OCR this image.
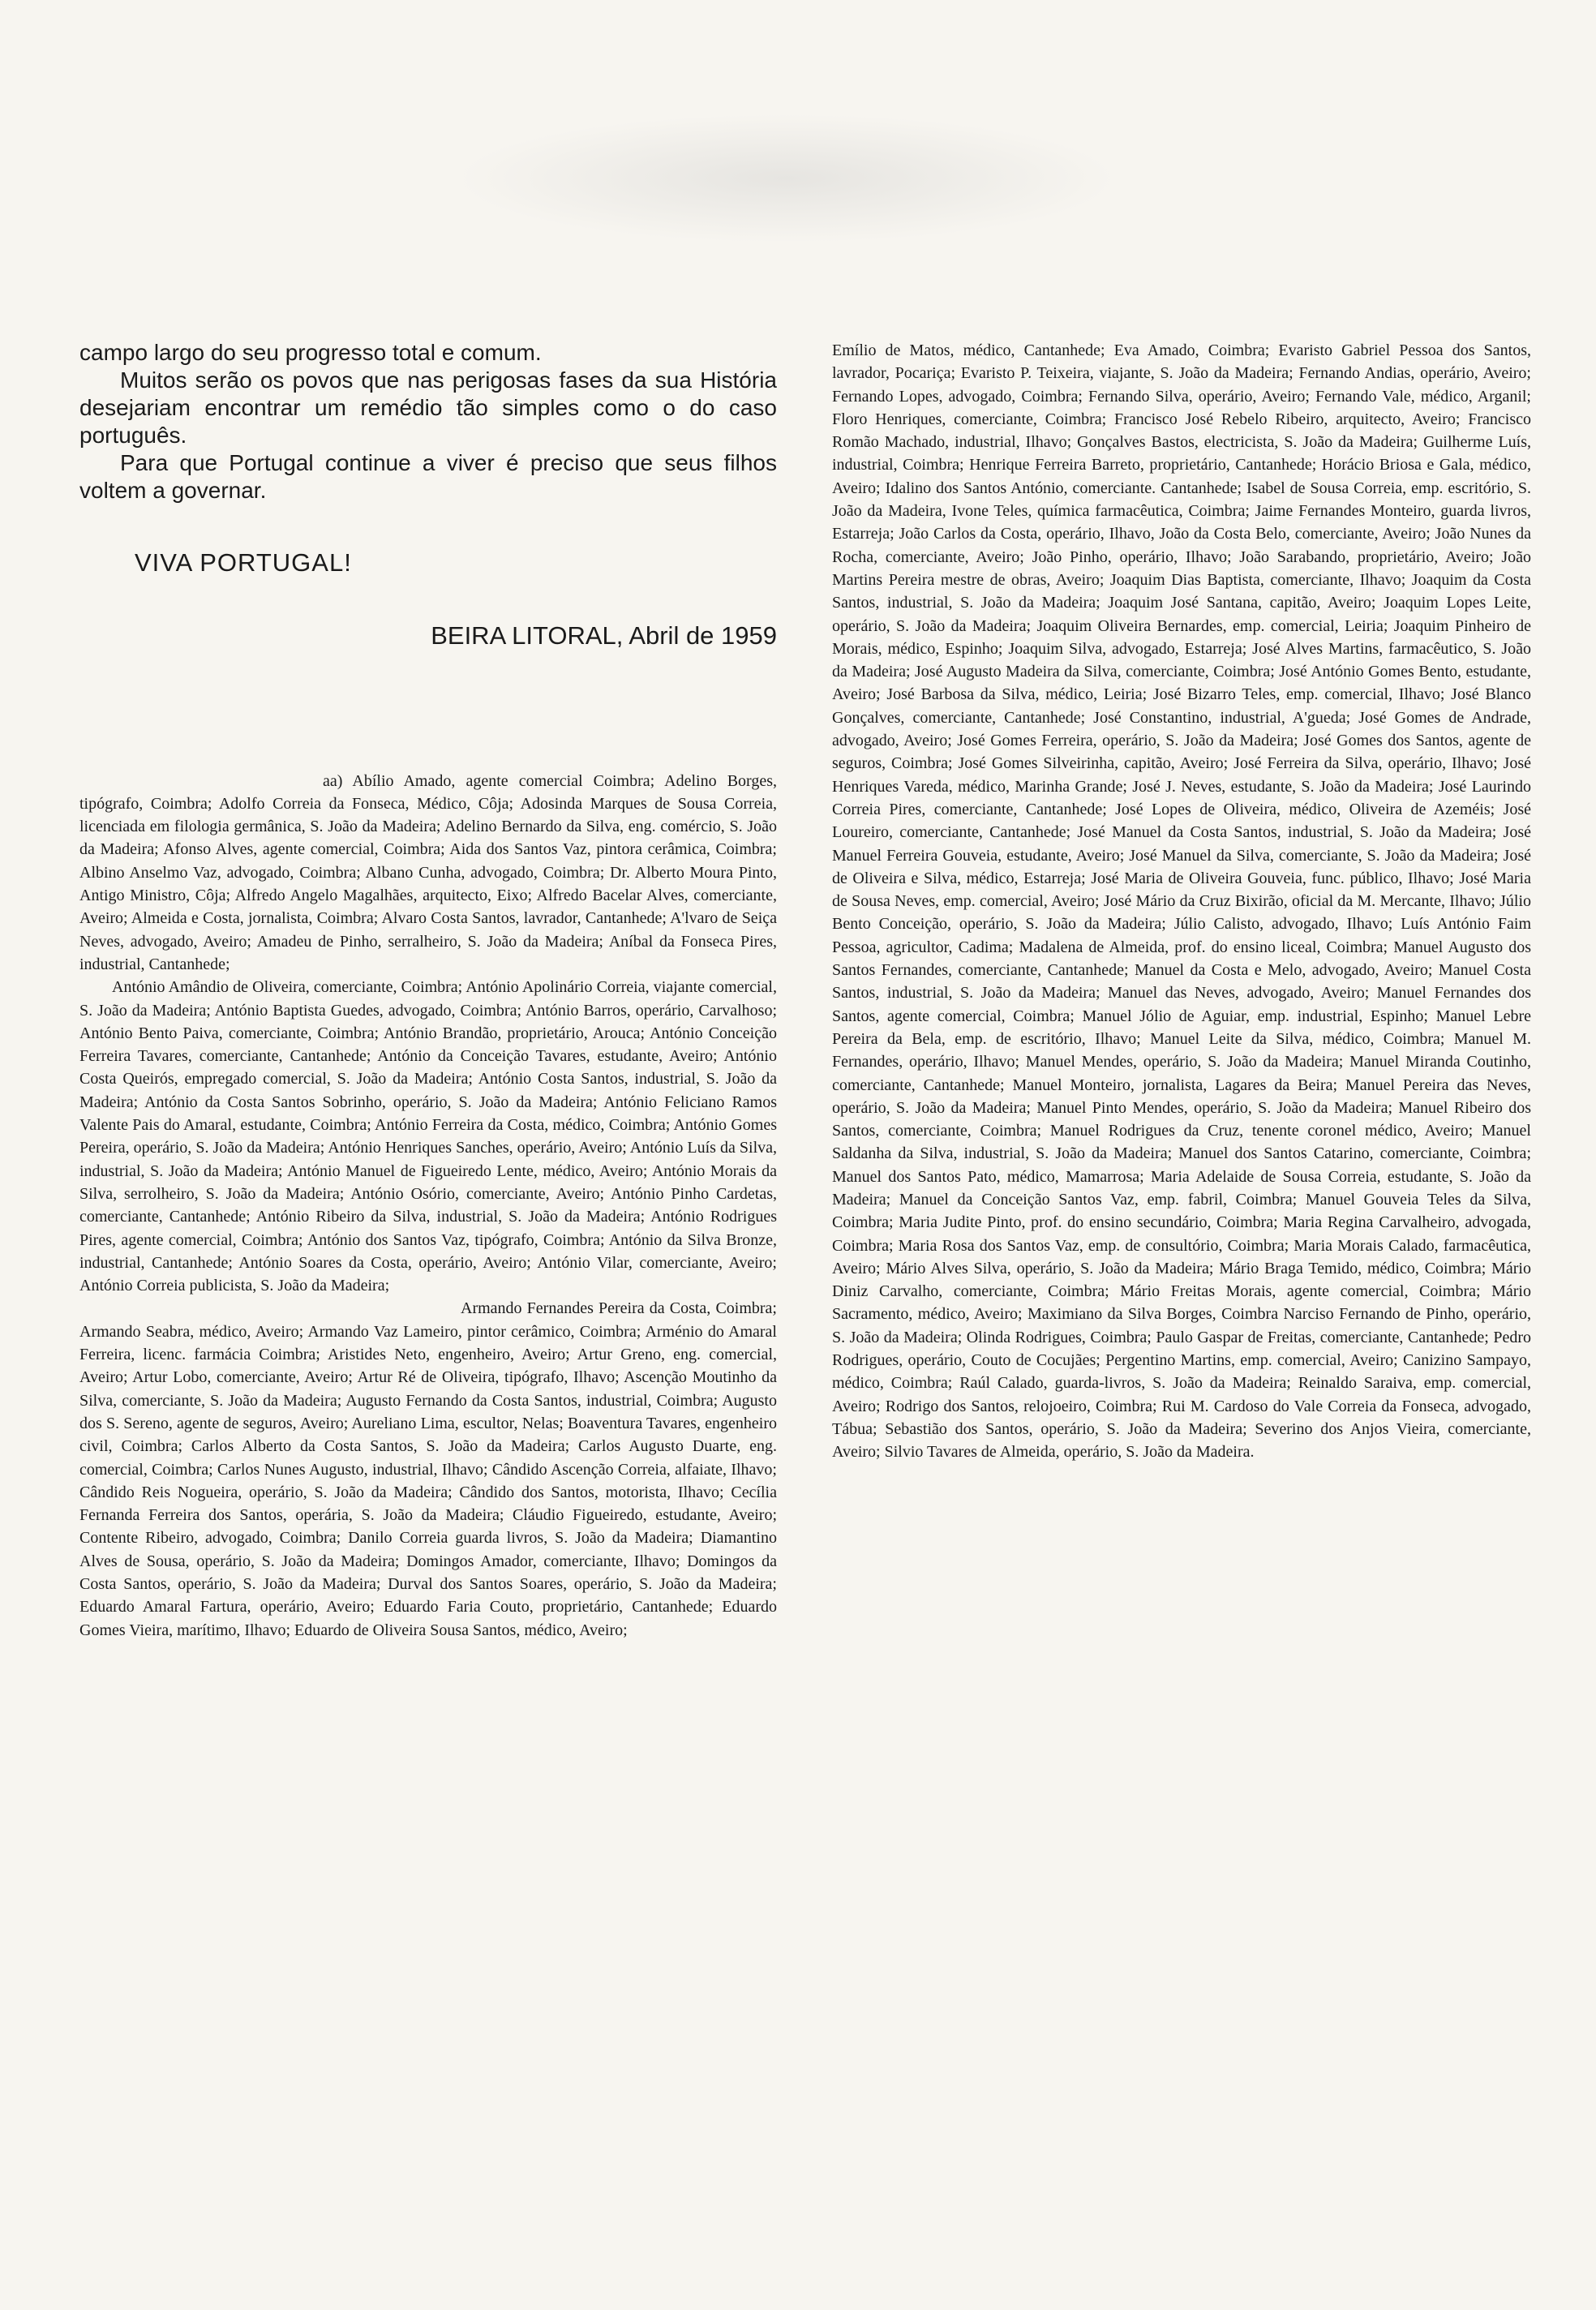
campo largo do seu progresso total e comum.

Muitos serão os povos que nas perigosas fases da sua História desejariam encontrar um remédio tão simples como o do caso português.

Para que Portugal continue a viver é preciso que seus filhos voltem a governar.

VIVA PORTUGAL!
BEIRA LITORAL, Abril de 1959

aa) Abílio Amado, agente comercial Coimbra; Adelino Borges, tipógrafo, Coimbra; Adolfo Correia da Fonseca, Médico, Côja; Adosinda Marques de Sousa Correia, licenciada em filologia germânica, S. João da Madeira; Adelino Bernardo da Silva, eng. comércio, S. João da Madeira; Afonso Alves, agente comercial, Coimbra; Aida dos Santos Vaz, pintora cerâmica, Coimbra; Albino Anselmo Vaz, advogado, Coimbra; Albano Cunha, advogado, Coimbra; Dr. Alberto Moura Pinto, Antigo Ministro, Côja; Alfredo Angelo Magalhães, arquitecto, Eixo; Alfredo Bacelar Alves, comerciante, Aveiro; Almeida e Costa, jornalista, Coimbra; Alvaro Costa Santos, lavrador, Cantanhede; A'lvaro de Seiça Neves, advogado, Aveiro; Amadeu de Pinho, serralheiro, S. João da Madeira; Aníbal da Fonseca Pires, industrial, Cantanhede;

António Amândio de Oliveira, comerciante, Coimbra; António Apolinário Correia, viajante comercial, S. João da Madeira; António Baptista Guedes, advogado, Coimbra; António Barros, operário, Carvalhoso; António Bento Paiva, comerciante, Coimbra; António Brandão, proprietário, Arouca; António Conceição Ferreira Tavares, comerciante, Cantanhede; António da Conceição Tavares, estudante, Aveiro; António Costa Queirós, empregado comercial, S. João da Madeira; António Costa Santos, industrial, S. João da Madeira; António da Costa Santos Sobrinho, operário, S. João da Madeira; António Feliciano Ramos Valente Pais do Amaral, estudante, Coimbra; António Ferreira da Costa, médico, Coimbra; António Gomes Pereira, operário, S. João da Madeira; António Henriques Sanches, operário, Aveiro; António Luís da Silva, industrial, S. João da Madeira; António Manuel de Figueiredo Lente, médico, Aveiro; António Morais da Silva, serrolheiro, S. João da Madeira; António Osório, comerciante, Aveiro; António Pinho Cardetas, comerciante, Cantanhede; António Ribeiro da Silva, industrial, S. João da Madeira; António Rodrigues Pires, agente comercial, Coimbra; António dos Santos Vaz, tipógrafo, Coimbra; António da Silva Bronze, industrial, Cantanhede; António Soares da Costa, operário, Aveiro; António Vilar, comerciante, Aveiro; António Correia publicista, S. João da Madeira;

Armando Fernandes Pereira da Costa, Coimbra; Armando Seabra, médico, Aveiro; Armando Vaz Lameiro, pintor cerâmico, Coimbra; Arménio do Amaral Ferreira, licenc. farmácia Coimbra; Aristides Neto, engenheiro, Aveiro; Artur Greno, eng. comercial, Aveiro; Artur Lobo, comerciante, Aveiro; Artur Ré de Oliveira, tipógrafo, Ilhavo; Ascenção Moutinho da Silva, comerciante, S. João da Madeira; Augusto Fernando da Costa Santos, industrial, Coimbra; Augusto dos S. Sereno, agente de seguros, Aveiro; Aureliano Lima, escultor, Nelas; Boaventura Tavares, engenheiro civil, Coimbra; Carlos Alberto da Costa Santos, S. João da Madeira; Carlos Augusto Duarte, eng. comercial, Coimbra; Carlos Nunes Augusto, industrial, Ilhavo; Cândido Ascenção Correia, alfaiate, Ilhavo; Cândido Reis Nogueira, operário, S. João da Madeira; Cândido dos Santos, motorista, Ilhavo; Cecília Fernanda Ferreira dos Santos, operária, S. João da Madeira; Cláudio Figueiredo, estudante, Aveiro; Contente Ribeiro, advogado, Coimbra; Danilo Correia guarda livros, S. João da Madeira; Diamantino Alves de Sousa, operário, S. João da Madeira; Domingos Amador, comerciante, Ilhavo; Domingos da Costa Santos, operário, S. João da Madeira; Durval dos Santos Soares, operário, S. João da Madeira; Eduardo Amaral Fartura, operário, Aveiro; Eduardo Faria Couto, proprietário, Cantanhede; Eduardo Gomes Vieira, marítimo, Ilhavo; Eduardo de Oliveira Sousa Santos, médico, Aveiro;

Emílio de Matos, médico, Cantanhede; Eva Amado, Coimbra; Evaristo Gabriel Pessoa dos Santos, lavrador, Pocariça; Evaristo P. Teixeira, viajante, S. João da Madeira; Fernando Andias, operário, Aveiro; Fernando Lopes, advogado, Coimbra; Fernando Silva, operário, Aveiro; Fernando Vale, médico, Arganil; Floro Henriques, comerciante, Coimbra; Francisco José Rebelo Ribeiro, arquitecto, Aveiro; Francisco Romão Machado, industrial, Ilhavo; Gonçalves Bastos, electricista, S. João da Madeira; Guilherme Luís, industrial, Coimbra; Henrique Ferreira Barreto, proprietário, Cantanhede; Horácio Briosa e Gala, médico, Aveiro; Idalino dos Santos António, comerciante. Cantanhede; Isabel de Sousa Correia, emp. escritório, S. João da Madeira, Ivone Teles, química farmacêutica, Coimbra; Jaime Fernandes Monteiro, guarda livros, Estarreja; João Carlos da Costa, operário, Ilhavo, João da Costa Belo, comerciante, Aveiro; João Nunes da Rocha, comerciante, Aveiro; João Pinho, operário, Ilhavo; João Sarabando, proprietário, Aveiro; João Martins Pereira mestre de obras, Aveiro; Joaquim Dias Baptista, comerciante, Ilhavo; Joaquim da Costa Santos, industrial, S. João da Madeira; Joaquim José Santana, capitão, Aveiro; Joaquim Lopes Leite, operário, S. João da Madeira; Joaquim Oliveira Bernardes, emp. comercial, Leiria; Joaquim Pinheiro de Morais, médico, Espinho; Joaquim Silva, advogado, Estarreja; José Alves Martins, farmacêutico, S. João da Madeira; José Augusto Madeira da Silva, comerciante, Coimbra; José António Gomes Bento, estudante, Aveiro; José Barbosa da Silva, médico, Leiria; José Bizarro Teles, emp. comercial, Ilhavo; José Blanco Gonçalves, comerciante, Cantanhede; José Constantino, industrial, A'gueda; José Gomes de Andrade, advogado, Aveiro; José Gomes Ferreira, operário, S. João da Madeira; José Gomes dos Santos, agente de seguros, Coimbra; José Gomes Silveirinha, capitão, Aveiro; José Ferreira da Silva, operário, Ilhavo; José Henriques Vareda, médico, Marinha Grande; José J. Neves, estudante, S. João da Madeira; José Laurindo Correia Pires, comerciante, Cantanhede; José Lopes de Oliveira, médico, Oliveira de Azeméis; José Loureiro, comerciante, Cantanhede; José Manuel da Costa Santos, industrial, S. João da Madeira; José Manuel Ferreira Gouveia, estudante, Aveiro; José Manuel da Silva, comerciante, S. João da Madeira; José de Oliveira e Silva, médico, Estarreja; José Maria de Oliveira Gouveia, func. público, Ilhavo; José Maria de Sousa Neves, emp. comercial, Aveiro; José Mário da Cruz Bixirão, oficial da M. Mercante, Ilhavo; Júlio Bento Conceição, operário, S. João da Madeira; Júlio Calisto, advogado, Ilhavo; Luís António Faim Pessoa, agricultor, Cadima; Madalena de Almeida, prof. do ensino liceal, Coimbra; Manuel Augusto dos Santos Fernandes, comerciante, Cantanhede; Manuel da Costa e Melo, advogado, Aveiro; Manuel Costa Santos, industrial, S. João da Madeira; Manuel das Neves, advogado, Aveiro; Manuel Fernandes dos Santos, agente comercial, Coimbra; Manuel Jólio de Aguiar, emp. industrial, Espinho; Manuel Lebre Pereira da Bela, emp. de escritório, Ilhavo; Manuel Leite da Silva, médico, Coimbra; Manuel M. Fernandes, operário, Ilhavo; Manuel Mendes, operário, S. João da Madeira; Manuel Miranda Coutinho, comerciante, Cantanhede; Manuel Monteiro, jornalista, Lagares da Beira; Manuel Pereira das Neves, operário, S. João da Madeira; Manuel Pinto Mendes, operário, S. João da Madeira; Manuel Ribeiro dos Santos, comerciante, Coimbra; Manuel Rodrigues da Cruz, tenente coronel médico, Aveiro; Manuel Saldanha da Silva, industrial, S. João da Madeira; Manuel dos Santos Catarino, comerciante, Coimbra; Manuel dos Santos Pato, médico, Mamarrosa; Maria Adelaide de Sousa Correia, estudante, S. João da Madeira; Manuel da Conceição Santos Vaz, emp. fabril, Coimbra; Manuel Gouveia Teles da Silva, Coimbra; Maria Judite Pinto, prof. do ensino secundário, Coimbra; Maria Regina Carvalheiro, advogada, Coimbra; Maria Rosa dos Santos Vaz, emp. de consultório, Coimbra; Maria Morais Calado, farmacêutica, Aveiro; Mário Alves Silva, operário, S. João da Madeira; Mário Braga Temido, médico, Coimbra; Mário Diniz Carvalho, comerciante, Coimbra; Mário Freitas Morais, agente comercial, Coimbra; Mário Sacramento, médico, Aveiro; Maximiano da Silva Borges, Coimbra Narciso Fernando de Pinho, operário, S. João da Madeira; Olinda Rodrigues, Coimbra; Paulo Gaspar de Freitas, comerciante, Cantanhede; Pedro Rodrigues, operário, Couto de Cocujães; Pergentino Martins, emp. comercial, Aveiro; Canizino Sampayo, médico, Coimbra; Raúl Calado, guarda-livros, S. João da Madeira; Reinaldo Saraiva, emp. comercial, Aveiro; Rodrigo dos Santos, relojoeiro, Coimbra; Rui M. Cardoso do Vale Correia da Fonseca, advogado, Tábua; Sebastião dos Santos, operário, S. João da Madeira; Severino dos Anjos Vieira, comerciante, Aveiro; Silvio Tavares de Almeida, operário, S. João da Madeira.
